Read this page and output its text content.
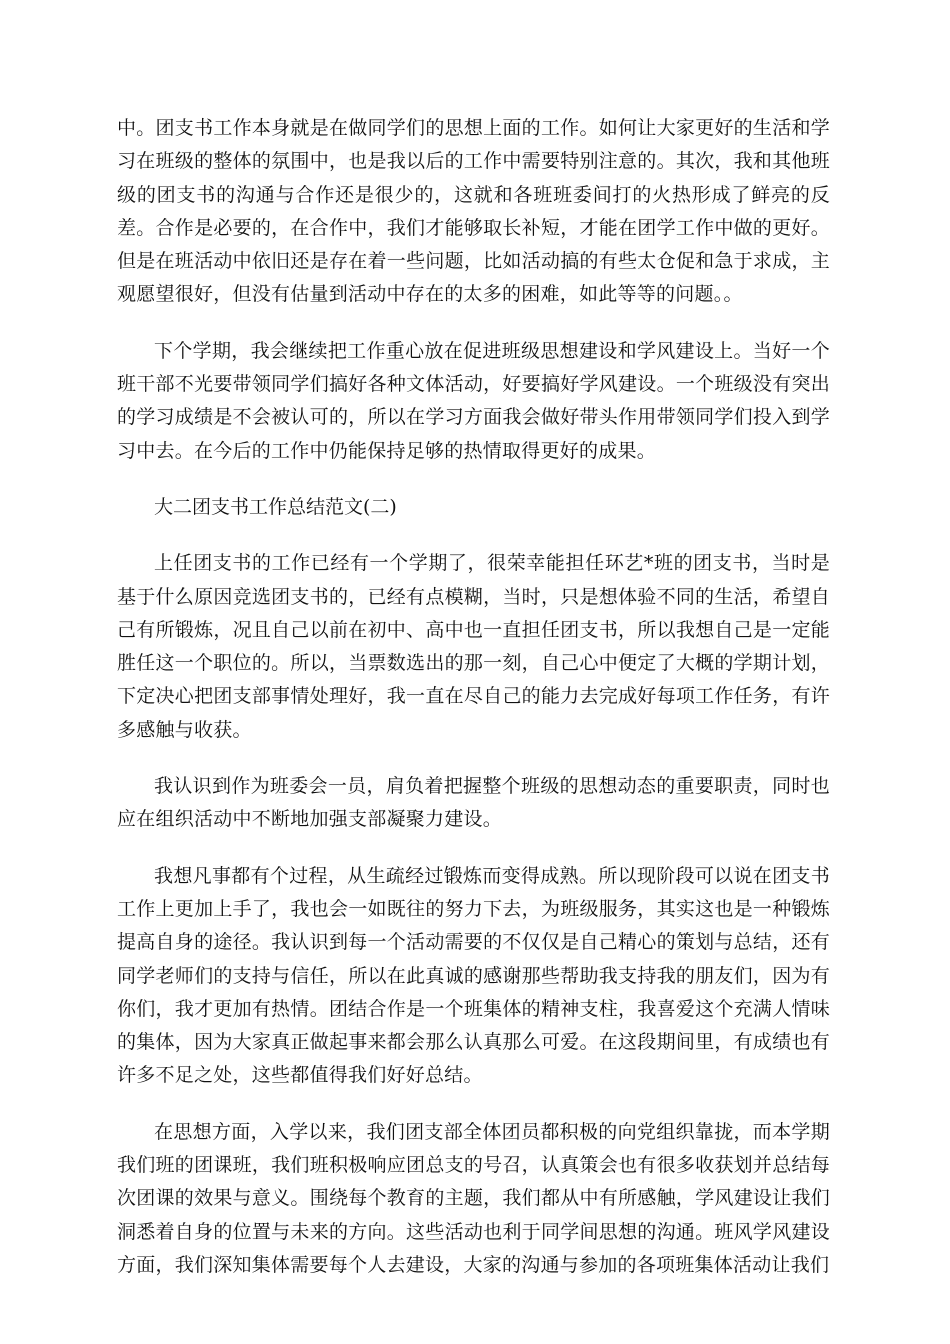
中。团支书工作本身就是在做同学们的思想上面的工作。如何让大家更好的生活和学习在班级的整体的氛围中，也是我以后的工作中需要特别注意的。其次，我和其他班级的团支书的沟通与合作还是很少的，这就和各班班委间打的火热形成了鲜亮的反差。合作是必要的，在合作中，我们才能够取长补短，才能在团学工作中做的更好。但是在班活动中依旧还是存在着一些问题，比如活动搞的有些太仓促和急于求成，主观愿望很好，但没有估量到活动中存在的太多的困难，如此等等的问题。。

下个学期，我会继续把工作重心放在促进班级思想建设和学风建设上。当好一个班干部不光要带领同学们搞好各种文体活动，好要搞好学风建设。一个班级没有突出的学习成绩是不会被认可的，所以在学习方面我会做好带头作用带领同学们投入到学习中去。在今后的工作中仍能保持足够的热情取得更好的成果。

大二团支书工作总结范文(二)

上任团支书的工作已经有一个学期了，很荣幸能担任环艺*班的团支书，当时是基于什么原因竞选团支书的，已经有点模糊，当时，只是想体验不同的生活，希望自己有所锻炼，况且自己以前在初中、高中也一直担任团支书，所以我想自己是一定能胜任这一个职位的。所以，当票数选出的那一刻，自己心中便定了大概的学期计划，下定决心把团支部事情处理好，我一直在尽自己的能力去完成好每项工作任务，有许多感触与收获。

我认识到作为班委会一员，肩负着把握整个班级的思想动态的重要职责，同时也应在组织活动中不断地加强支部凝聚力建设。

我想凡事都有个过程，从生疏经过锻炼而变得成熟。所以现阶段可以说在团支书工作上更加上手了，我也会一如既往的努力下去，为班级服务，其实这也是一种锻炼提高自身的途径。我认识到每一个活动需要的不仅仅是自己精心的策划与总结，还有同学老师们的支持与信任，所以在此真诚的感谢那些帮助我支持我的朋友们，因为有你们，我才更加有热情。团结合作是一个班集体的精神支柱，我喜爱这个充满人情味的集体，因为大家真正做起事来都会那么认真那么可爱。在这段期间里，有成绩也有许多不足之处，这些都值得我们好好总结。

在思想方面，入学以来，我们团支部全体团员都积极的向党组织靠拢，而本学期我们班的团课班，我们班积极响应团总支的号召，认真策会也有很多收获划并总结每次团课的效果与意义。围绕每个教育的主题，我们都从中有所感触，学风建设让我们洞悉着自身的位置与未来的方向。这些活动也利于同学间思想的沟通。班风学风建设方面，我们深知集体需要每个人去建设，大家的沟通与参加的各项班集体活动让我们
